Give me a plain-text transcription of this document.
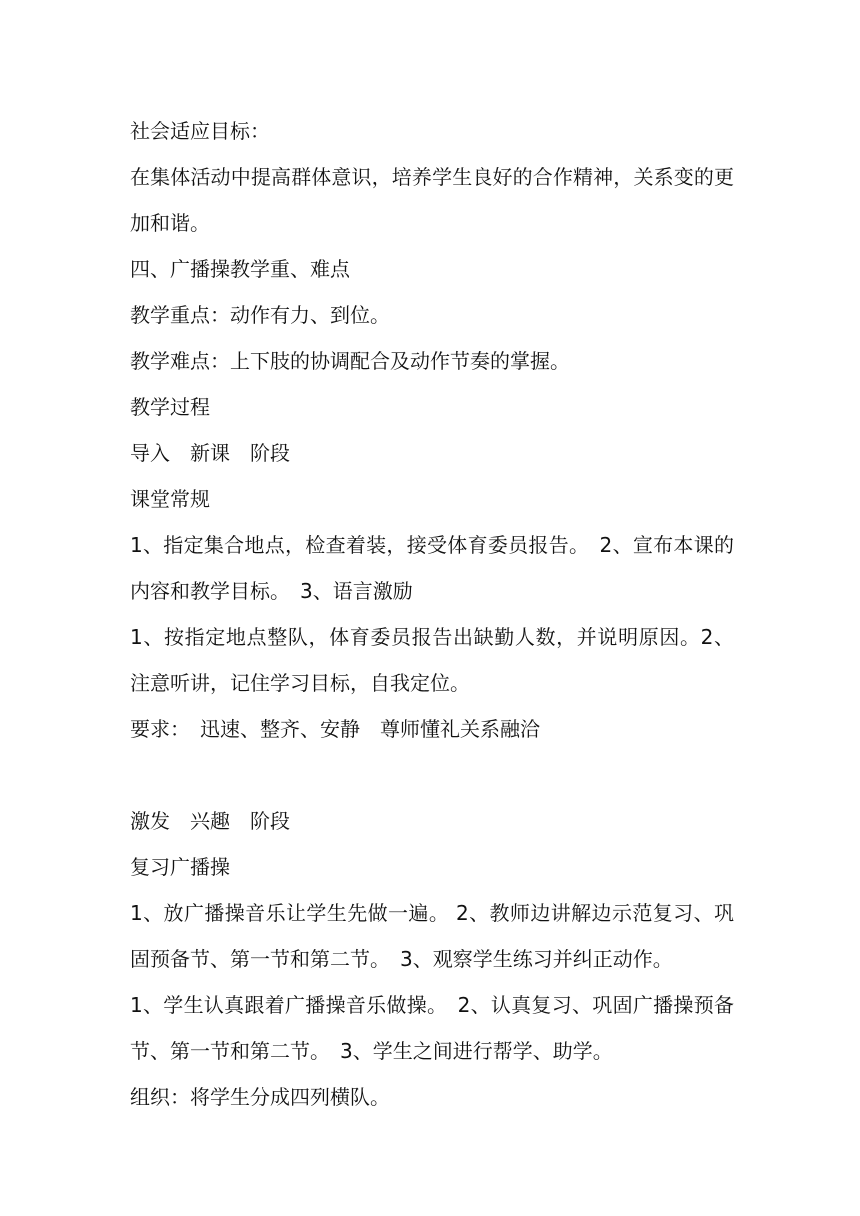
社会适应目标：

在集体活动中提高群体意识，培养学生良好的合作精神，关系变的更加和谐。

四、广播操教学重、难点

教学重点：动作有力、到位。

教学难点：上下肢的协调配合及动作节奏的掌握。

教学过程

导入　新课　阶段

课堂常规

1、指定集合地点，检查着装，接受体育委员报告。　2、宣布本课的内容和教学目标。　3、语言激励

1、按指定地点整队，体育委员报告出缺勤人数，并说明原因。2、注意听讲，记住学习目标，自我定位。

要求：　迅速、整齐、安静　尊师懂礼关系融洽

激发　兴趣　阶段

复习广播操

1、放广播操音乐让学生先做一遍。 2、教师边讲解边示范复习、巩固预备节、第一节和第二节。　3、观察学生练习并纠正动作。

1、学生认真跟着广播操音乐做操。　2、认真复习、巩固广播操预备节、第一节和第二节。　3、学生之间进行帮学、助学。

组织：将学生分成四列横队。
